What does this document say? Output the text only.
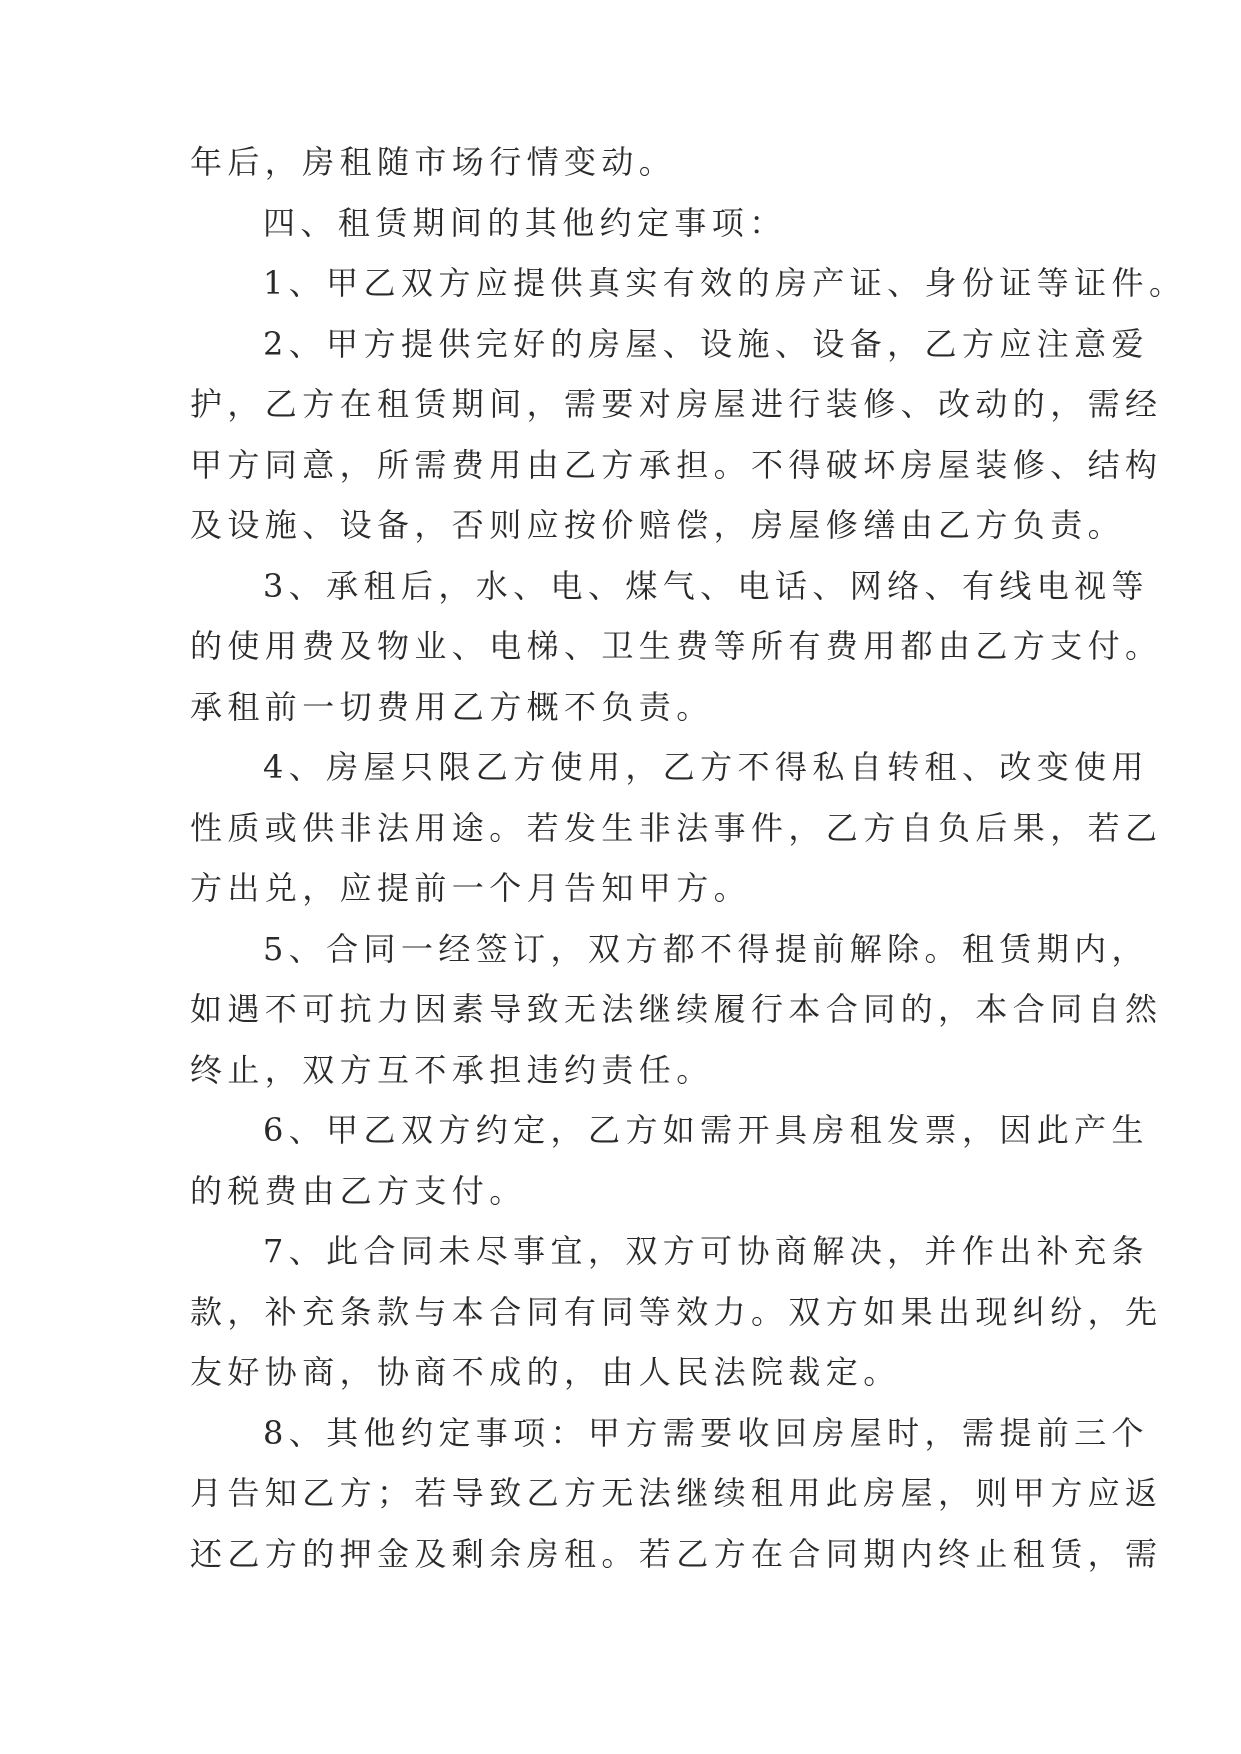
年后，房租随市场行情变动。
四、租赁期间的其他约定事项：
1、甲乙双方应提供真实有效的房产证、身份证等证件。
2、甲方提供完好的房屋、设施、设备，乙方应注意爱
护，乙方在租赁期间，需要对房屋进行装修、改动的，需经
甲方同意，所需费用由乙方承担。不得破坏房屋装修、结构
及设施、设备，否则应按价赔偿，房屋修缮由乙方负责。
3、承租后，水、电、煤气、电话、网络、有线电视等
的使用费及物业、电梯、卫生费等所有费用都由乙方支付。
承租前一切费用乙方概不负责。
4、房屋只限乙方使用，乙方不得私自转租、改变使用
性质或供非法用途。若发生非法事件，乙方自负后果，若乙
方出兑，应提前一个月告知甲方。
5、合同一经签订，双方都不得提前解除。租赁期内，
如遇不可抗力因素导致无法继续履行本合同的，本合同自然
终止，双方互不承担违约责任。
6、甲乙双方约定，乙方如需开具房租发票，因此产生
的税费由乙方支付。
7、此合同未尽事宜，双方可协商解决，并作出补充条
款，补充条款与本合同有同等效力。双方如果出现纠纷，先
友好协商，协商不成的，由人民法院裁定。
8、其他约定事项：甲方需要收回房屋时，需提前三个
月告知乙方；若导致乙方无法继续租用此房屋，则甲方应返
还乙方的押金及剩余房租。若乙方在合同期内终止租赁，需
